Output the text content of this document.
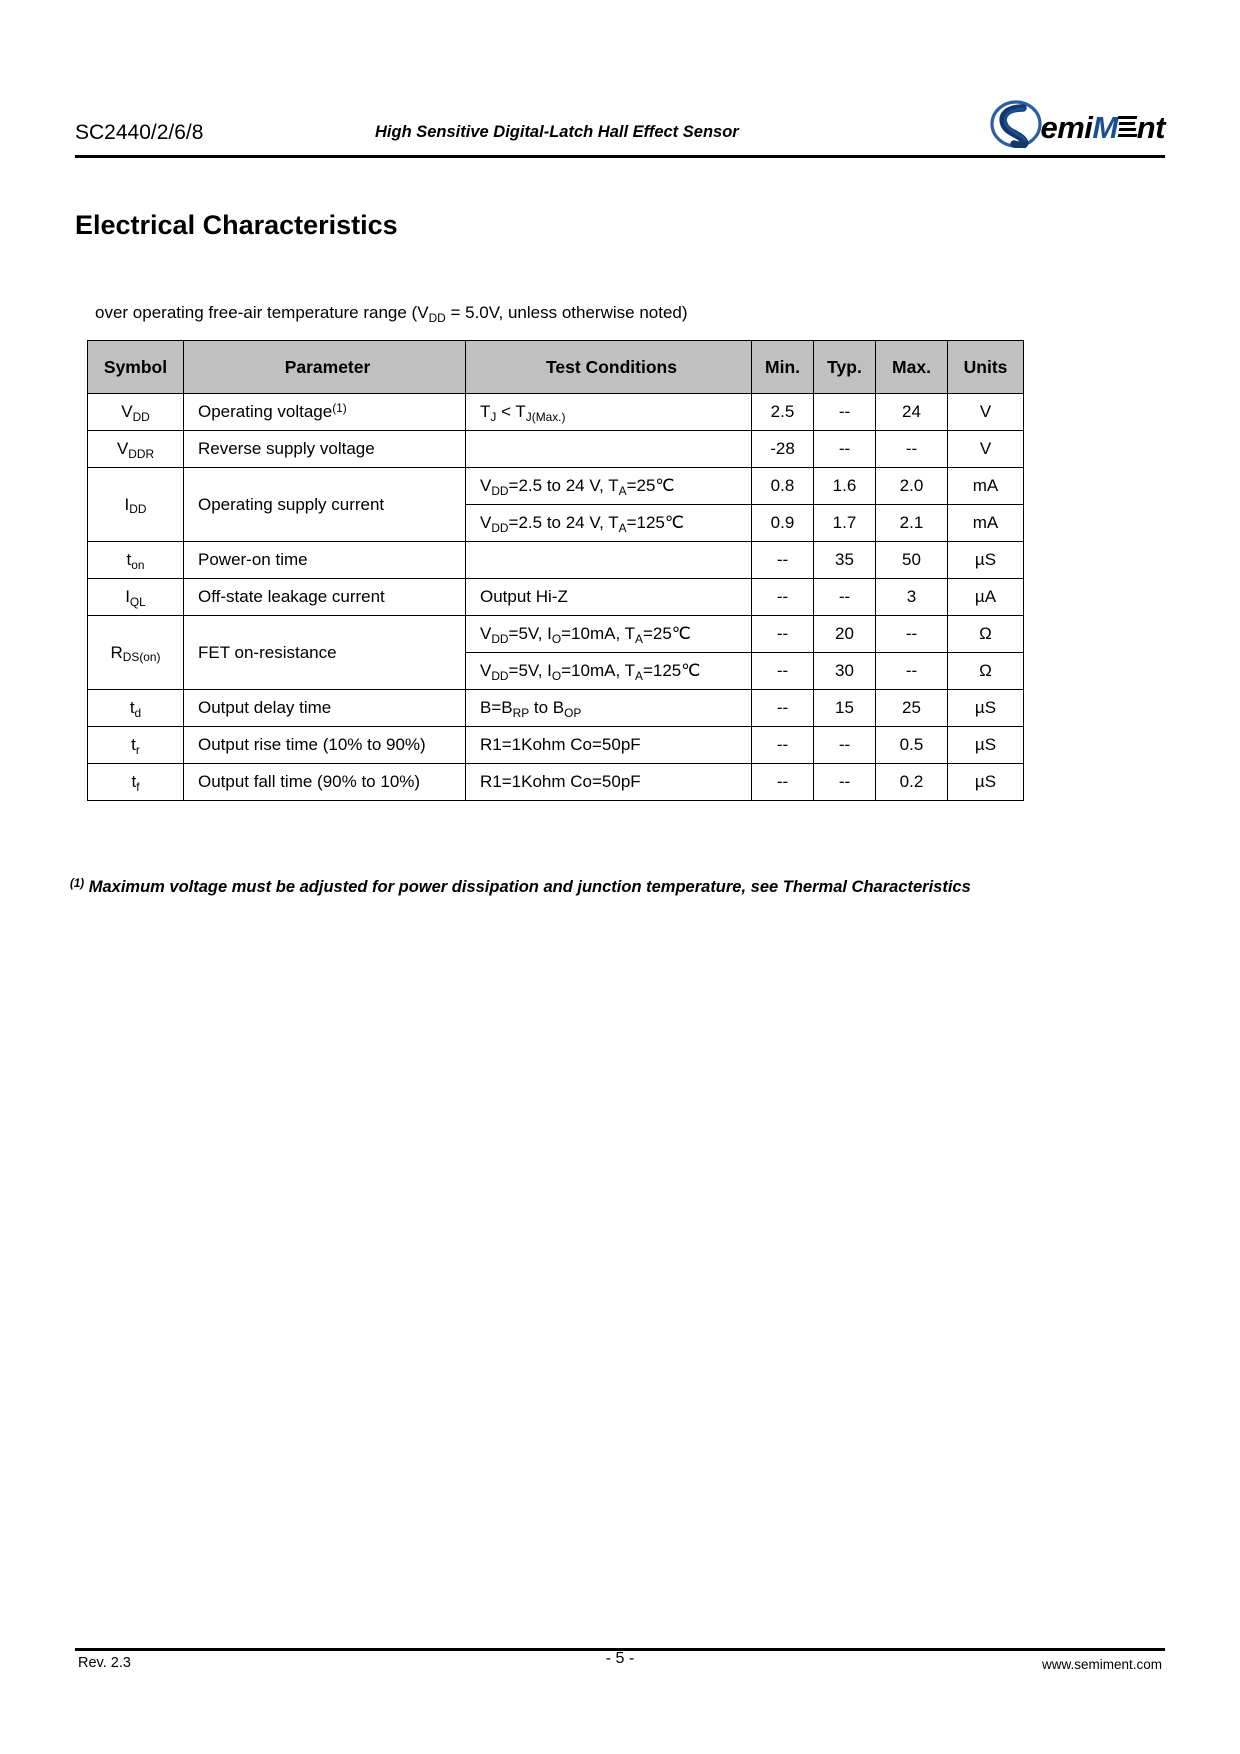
SC2440/2/6/8	High Sensitive Digital-Latch Hall Effect Sensor	emiM nt
Electrical Characteristics
over operating free-air temperature range ($V_{DD} = 5.0V$, unless otherwise noted)
Symbol	Parameter	Test Conditions	Min.	Typ.	Max.	Units
$V_{DD}$	Operating voltage$^{(1)}$	$T_J < T_{J(Max.)}$	2.5	--	24	V
$V_{DDR}$	Reverse supply voltage		-28	--	--	V
$I_{DD}$	Operating supply current	$V_{DD}=2.5$ to 24 V, $T_A=25℃$	0.8	1.6	2.0	mA
		$V_{DD}=2.5$ to 24 V, $T_A=125℃$	0.9	1.7	2.1	mA
$t_{on}$	Power-on time		--	35	50	µS
$I_{QL}$	Off-state leakage current	Output Hi-Z	--	--	3	µA
$R_{DS(on)}$	FET on-resistance	$V_{DD}=5V$, $I_O=10mA$, $T_A=25℃$	--	20	--	Ω
		$V_{DD}=5V$, $I_O=10mA$, $T_A=125℃$	--	30	--	Ω
$t_d$	Output delay time	$B=B_{RP}$ to $B_{OP}$	--	15	25	µS
$t_r$	Output rise time (10% to 90%)	R1=1Kohm Co=50pF	--	--	0.5	µS
$t_f$	Output fall time (90% to 10%)	R1=1Kohm Co=50pF	--	--	0.2	µS
$^{(1)}$ Maximum voltage must be adjusted for power dissipation and junction temperature, see Thermal Characteristics
Rev. 2.3	- 5 -	www.semiment.com
